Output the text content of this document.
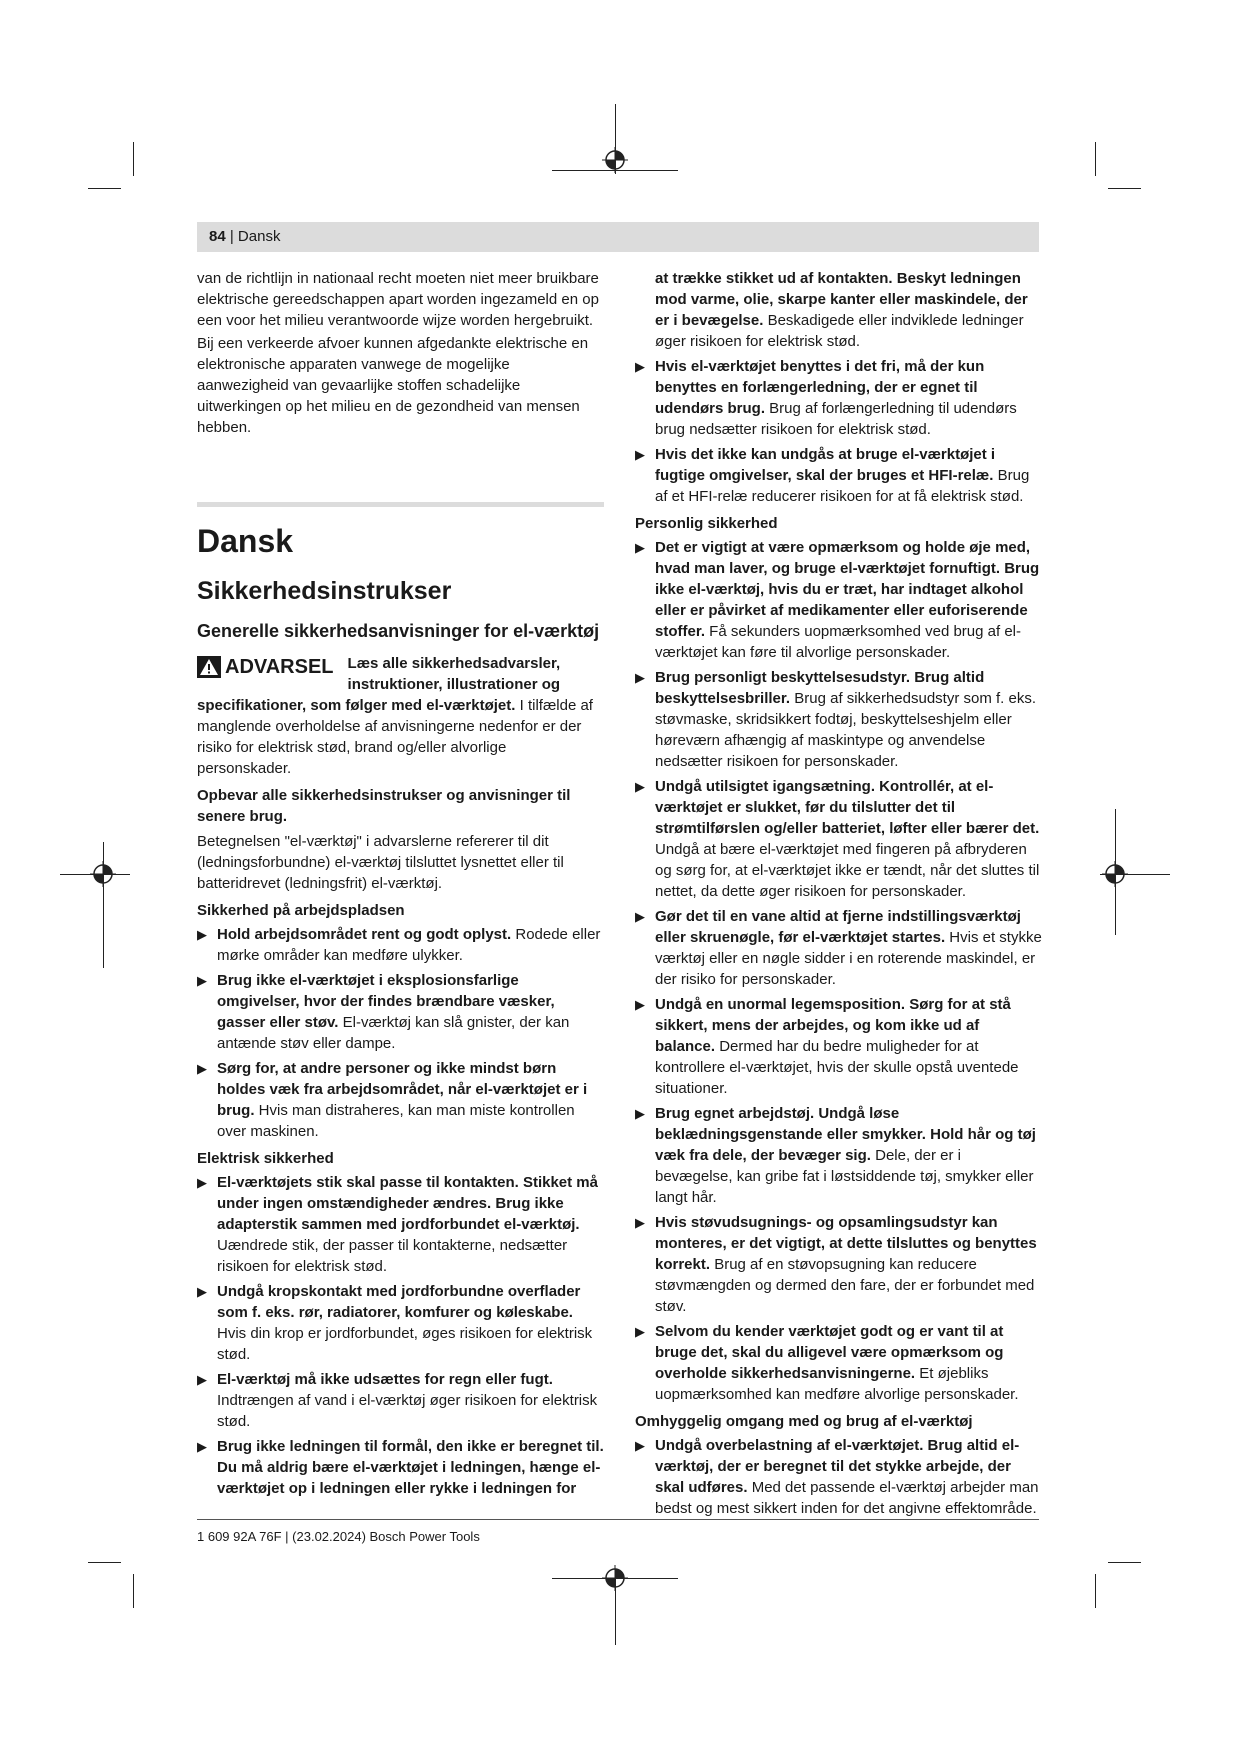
84 | Dansk

van de richtlijn in nationaal recht moeten niet meer bruikbare elektrische gereedschappen apart worden ingezameld en op een voor het milieu verantwoorde wijze worden hergebruikt.

Bij een verkeerde afvoer kunnen afgedankte elektrische en elektronische apparaten vanwege de mogelijke aanwezigheid van gevaarlijke stoffen schadelijke uitwerkingen op het milieu en de gezondheid van mensen hebben.

Dansk
Sikkerhedsinstrukser
Generelle sikkerhedsanvisninger for el-værktøj

ADVARSEL Læs alle sikkerhedsadvarsler, instruktioner, illustrationer og specifikationer, som følger med el-værktøjet. I tilfælde af manglende overholdelse af anvisningerne nedenfor er der risiko for elektrisk stød, brand og/eller alvorlige personskader.

Opbevar alle sikkerhedsinstrukser og anvisninger til senere brug.

Betegnelsen "el-værktøj" i advarslerne refererer til dit (ledningsforbundne) el-værktøj tilsluttet lysnettet eller til batteridrevet (ledningsfrit) el-værktøj.

Sikkerhed på arbejdspladsen
▶ Hold arbejdsområdet rent og godt oplyst. Rodede eller mørke områder kan medføre ulykker.
▶ Brug ikke el-værktøjet i eksplosionsfarlige omgivelser, hvor der findes brændbare væsker, gasser eller støv. El-værktøj kan slå gnister, der kan antænde støv eller dampe.
▶ Sørg for, at andre personer og ikke mindst børn holdes væk fra arbejdsområdet, når el-værktøjet er i brug. Hvis man distraheres, kan man miste kontrollen over maskinen.
Elektrisk sikkerhed
▶ El-værktøjets stik skal passe til kontakten. Stikket må under ingen omstændigheder ændres. Brug ikke adapterstik sammen med jordforbundet el-værktøj. Uændrede stik, der passer til kontakterne, nedsætter risikoen for elektrisk stød.
▶ Undgå kropskontakt med jordforbundne overflader som f. eks. rør, radiatorer, komfurer og køleskabe. Hvis din krop er jordforbundet, øges risikoen for elektrisk stød.
▶ El-værktøj må ikke udsættes for regn eller fugt. Indtrængen af vand i el-værktøj øger risikoen for elektrisk stød.
▶ Brug ikke ledningen til formål, den ikke er beregnet til. Du må aldrig bære el-værktøjet i ledningen, hænge el-værktøjet op i ledningen eller rykke i ledningen for
at trække stikket ud af kontakten. Beskyt ledningen mod varme, olie, skarpe kanter eller maskindele, der er i bevægelse. Beskadigede eller indviklede ledninger øger risikoen for elektrisk stød.
▶ Hvis el-værktøjet benyttes i det fri, må der kun benyttes en forlængerledning, der er egnet til udendørs brug. Brug af forlængerledning til udendørs brug nedsætter risikoen for elektrisk stød.
▶ Hvis det ikke kan undgås at bruge el-værktøjet i fugtige omgivelser, skal der bruges et HFI-relæ. Brug af et HFI-relæ reducerer risikoen for at få elektrisk stød.
Personlig sikkerhed
▶ Det er vigtigt at være opmærksom og holde øje med, hvad man laver, og bruge el-værktøjet fornuftigt. Brug ikke el-værktøj, hvis du er træt, har indtaget alkohol eller er påvirket af medikamenter eller euforiserende stoffer. Få sekunders uopmærksomhed ved brug af el-værktøjet kan føre til alvorlige personskader.
▶ Brug personligt beskyttelsesudstyr. Brug altid beskyttelsesbriller. Brug af sikkerhedsudstyr som f. eks. støvmaske, skridsikkert fodtøj, beskyttelseshjelm eller høreværn afhængig af maskintype og anvendelse nedsætter risikoen for personskader.
▶ Undgå utilsigtet igangsætning. Kontrollér, at el-værktøjet er slukket, før du tilslutter det til strømtilførslen og/eller batteriet, løfter eller bærer det. Undgå at bære el-værktøjet med fingeren på afbryderen og sørg for, at el-værktøjet ikke er tændt, når det sluttes til nettet, da dette øger risikoen for personskader.
▶ Gør det til en vane altid at fjerne indstillingsværktøj eller skruenøgle, før el-værktøjet startes. Hvis et stykke værktøj eller en nøgle sidder i en roterende maskindel, er der risiko for personskader.
▶ Undgå en unormal legemsposition. Sørg for at stå sikkert, mens der arbejdes, og kom ikke ud af balance. Dermed har du bedre muligheder for at kontrollere el-værktøjet, hvis der skulle opstå uventede situationer.
▶ Brug egnet arbejdstøj. Undgå løse beklædningsgenstande eller smykker. Hold hår og tøj væk fra dele, der bevæger sig. Dele, der er i bevægelse, kan gribe fat i løstsiddende tøj, smykker eller langt hår.
▶ Hvis støvudsugnings- og opsamlingsudstyr kan monteres, er det vigtigt, at dette tilsluttes og benyttes korrekt. Brug af en støvopsugning kan reducere støvmængden og dermed den fare, der er forbundet med støv.
▶ Selvom du kender værktøjet godt og er vant til at bruge det, skal du alligevel være opmærksom og overholde sikkerhedsanvisningerne. Et øjebliks uopmærksomhed kan medføre alvorlige personskader.
Omhyggelig omgang med og brug af el-værktøj
▶ Undgå overbelastning af el-værktøjet. Brug altid el-værktøj, der er beregnet til det stykke arbejde, der skal udføres. Med det passende el-værktøj arbejder man bedst og mest sikkert inden for det angivne effektområde.
1 609 92A 76F | (23.02.2024) Bosch Power Tools
